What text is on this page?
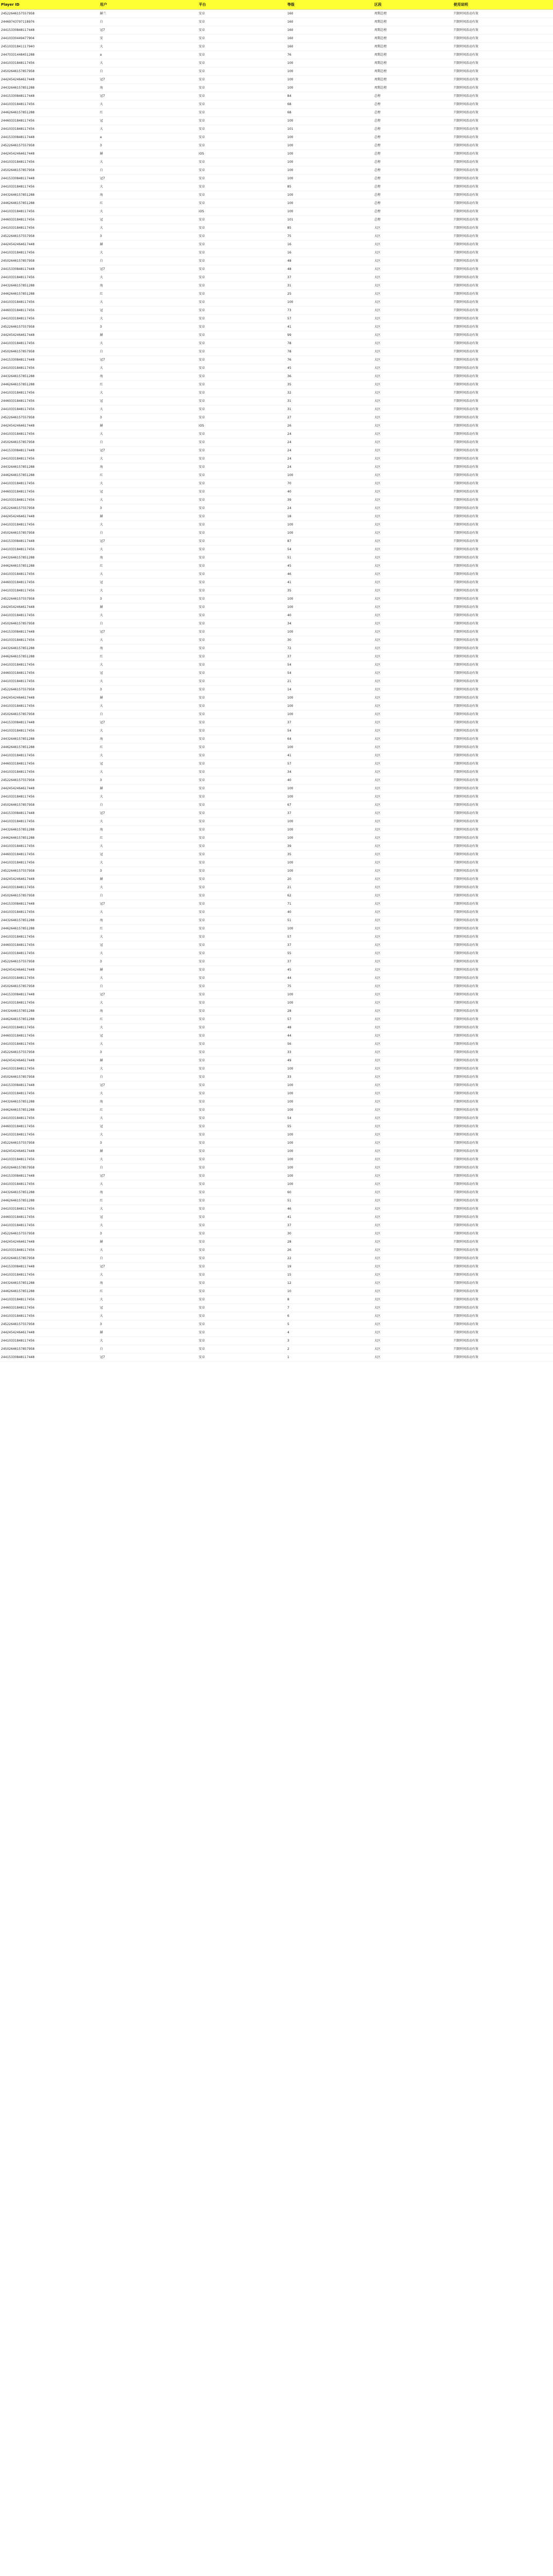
Player ID	用户	平台	等级	区段	使用说明
24522646157557958	赫兰	安卓	160	周期总榜	只限时间活动有效
24469743797118976	白	安卓	160	周期总榜	只限时间活动有效
24415330848117448	冠7	安卓	160	周期总榜	只限时间活动有效
24410330449477904	安	安卓	160	周期总榜	只限时间活动有效
24510331841117940	大	安卓	160	周期总榜	只限时间活动有效
24470331448451288	a	安卓	76	周期总榜	只限时间活动有效
24410331848117456	大	安卓	100	周期总榜	只限时间活动有效
24502646157857958	白	安卓	100	周期总榜	只限时间活动有效
24424542464617448	冠7	安卓	100	周期总榜	只限时间活动有效
24432646157851288	海	安卓	100	周期总榜	只限时间活动有效
24415330848117448	冠7	安卓	84	总榜	只限时间活动有效
24410331848117456	大	安卓	68	总榜	只限时间活动有效
24462646157851288	红	安卓	68	总榜	只限时间活动有效
24460331848117456	冠	安卓	100	总榜	只限时间活动有效
24410331848117456	大	安卓	101	总榜	只限时间活动有效
24415330848117448	a	安卓	100	总榜	只限时间活动有效
24522646157557958	3	安卓	100	总榜	只限时间活动有效
24424542464617448	赫	iOS	100	总榜	只限时间活动有效
24410331848117456	大	安卓	100	总榜	只限时间活动有效
24502646157857958	白	安卓	100	总榜	只限时间活动有效
24415330848117448	冠7	安卓	100	总榜	只限时间活动有效
24410331848117456	大	安卓	85	总榜	只限时间活动有效
24432646157851288	海	安卓	100	总榜	只限时间活动有效
24462646157851288	红	安卓	100	总榜	只限时间活动有效
24410331848117456	大	iOS	100	总榜	只限时间活动有效
24460331848117456	冠	安卓	101	总榜	只限时间活动有效
24410331848117456	大	安卓	85	大区	只限时间活动有效
24522646157557958	3	安卓	75	大区	只限时间活动有效
24424542464617448	赫	安卓	16	大区	只限时间活动有效
24410331848117456	大	安卓	16	大区	只限时间活动有效
24502646157857958	白	安卓	48	大区	只限时间活动有效
24415330848117448	冠7	安卓	48	大区	只限时间活动有效
24410331848117456	大	安卓	37	大区	只限时间活动有效
24432646157851288	海	安卓	31	大区	只限时间活动有效
24462646157851288	红	安卓	25	大区	只限时间活动有效
24410331848117456	大	安卓	100	大区	只限时间活动有效
24460331848117456	冠	安卓	73	大区	只限时间活动有效
24410331848117456	大	安卓	57	大区	只限时间活动有效
24522646157557958	3	安卓	41	大区	只限时间活动有效
24424542464617448	赫	安卓	99	大区	只限时间活动有效
24410331848117456	大	安卓	78	大区	只限时间活动有效
24502646157857958	白	安卓	78	大区	只限时间活动有效
24415330848117448	冠7	安卓	76	大区	只限时间活动有效
24410331848117456	大	安卓	45	大区	只限时间活动有效
24432646157851288	海	安卓	36	大区	只限时间活动有效
24462646157851288	红	安卓	35	大区	只限时间活动有效
24410331848117456	大	安卓	32	大区	只限时间活动有效
24460331848117456	冠	安卓	31	大区	只限时间活动有效
24410331848117456	大	安卓	31	大区	只限时间活动有效
24522646157557958	3	安卓	27	大区	只限时间活动有效
24424542464617448	赫	iOS	26	大区	只限时间活动有效
24410331848117456	大	安卓	24	大区	只限时间活动有效
24502646157857958	白	安卓	24	大区	只限时间活动有效
24415330848117448	冠7	安卓	24	大区	只限时间活动有效
24410331848117456	大	安卓	24	大区	只限时间活动有效
24432646157851288	海	安卓	24	大区	只限时间活动有效
24462646157851288	红	安卓	100	大区	只限时间活动有效
24410331848117456	大	安卓	70	大区	只限时间活动有效
24460331848117456	冠	安卓	40	大区	只限时间活动有效
24410331848117456	大	安卓	39	大区	只限时间活动有效
24522646157557958	3	安卓	24	大区	只限时间活动有效
24424542464617448	赫	安卓	18	大区	只限时间活动有效
24410331848117456	大	安卓	100	大区	只限时间活动有效
24502646157857958	白	安卓	100	大区	只限时间活动有效
24415330848117448	冠7	安卓	87	大区	只限时间活动有效
24410331848117456	大	安卓	54	大区	只限时间活动有效
24432646157851288	海	安卓	51	大区	只限时间活动有效
24462646157851288	红	安卓	45	大区	只限时间活动有效
24410331848117456	大	安卓	46	大区	只限时间活动有效
24460331848117456	冠	安卓	41	大区	只限时间活动有效
24410331848117456	大	安卓	35	大区	只限时间活动有效
24522646157557958	3	安卓	100	大区	只限时间活动有效
24424542464617448	赫	安卓	100	大区	只限时间活动有效
24410331848117456	大	安卓	40	大区	只限时间活动有效
24502646157857958	白	安卓	34	大区	只限时间活动有效
24415330848117448	冠7	安卓	100	大区	只限时间活动有效
24410331848117456	大	安卓	30	大区	只限时间活动有效
24432646157851288	海	安卓	72	大区	只限时间活动有效
24462646157851288	红	安卓	37	大区	只限时间活动有效
24410331848117456	大	安卓	54	大区	只限时间活动有效
24460331848117456	冠	安卓	54	大区	只限时间活动有效
24410331848117456	大	安卓	21	大区	只限时间活动有效
24522646157557958	3	安卓	14	大区	只限时间活动有效
24424542464617448	赫	安卓	100	大区	只限时间活动有效
24410331848117456	大	安卓	100	大区	只限时间活动有效
24502646157857958	白	安卓	100	大区	只限时间活动有效
24415330848117448	冠7	安卓	37	大区	只限时间活动有效
24410331848117456	大	安卓	54	大区	只限时间活动有效
24432646157851288	海	安卓	64	大区	只限时间活动有效
24462646157851288	红	安卓	100	大区	只限时间活动有效
24410331848117456	大	安卓	41	大区	只限时间活动有效
24460331848117456	冠	安卓	57	大区	只限时间活动有效
24410331848117456	大	安卓	34	大区	只限时间活动有效
24522646157557958	3	安卓	40	大区	只限时间活动有效
24424542464617448	赫	安卓	100	大区	只限时间活动有效
24410331848117456	大	安卓	100	大区	只限时间活动有效
24502646157857958	白	安卓	67	大区	只限时间活动有效
24415330848117448	冠7	安卓	37	大区	只限时间活动有效
24410331848117456	大	安卓	100	大区	只限时间活动有效
24432646157851288	海	安卓	100	大区	只限时间活动有效
24462646157851288	红	安卓	100	大区	只限时间活动有效
24410331848117456	大	安卓	39	大区	只限时间活动有效
24460331848117456	冠	安卓	35	大区	只限时间活动有效
24410331848117456	大	安卓	100	大区	只限时间活动有效
24522646157557958	3	安卓	100	大区	只限时间活动有效
24424542464617448	赫	安卓	20	大区	只限时间活动有效
24410331848117456	大	安卓	21	大区	只限时间活动有效
24502646157857958	白	安卓	62	大区	只限时间活动有效
24415330848117448	冠7	安卓	71	大区	只限时间活动有效
24410331848117456	大	安卓	40	大区	只限时间活动有效
24432646157851288	海	安卓	51	大区	只限时间活动有效
24462646157851288	红	安卓	100	大区	只限时间活动有效
24410331848117456	大	安卓	57	大区	只限时间活动有效
24460331848117456	冠	安卓	37	大区	只限时间活动有效
24410331848117456	大	安卓	55	大区	只限时间活动有效
24522646157557958	3	安卓	37	大区	只限时间活动有效
24424542464617448	赫	安卓	45	大区	只限时间活动有效
24410331848117456	大	安卓	44	大区	只限时间活动有效
24502646157857958	白	安卓	75	大区	只限时间活动有效
24415330848117448	冠7	安卓	100	大区	只限时间活动有效
24410331848117456	大	安卓	100	大区	只限时间活动有效
24432646157851288	海	安卓	28	大区	只限时间活动有效
24462646157851288	红	安卓	57	大区	只限时间活动有效
24410331848117456	大	安卓	48	大区	只限时间活动有效
24460331848117456	冠	安卓	44	大区	只限时间活动有效
24410331848117456	大	安卓	56	大区	只限时间活动有效
24522646157557958	3	安卓	33	大区	只限时间活动有效
24424542464617448	赫	安卓	49	大区	只限时间活动有效
24410331848117456	大	安卓	100	大区	只限时间活动有效
24502646157857958	白	安卓	33	大区	只限时间活动有效
24415330848117448	冠7	安卓	100	大区	只限时间活动有效
24410331848117456	大	安卓	100	大区	只限时间活动有效
24432646157851288	海	安卓	100	大区	只限时间活动有效
24462646157851288	红	安卓	100	大区	只限时间活动有效
24410331848117456	大	安卓	54	大区	只限时间活动有效
24460331848117456	冠	安卓	55	大区	只限时间活动有效
24410331848117456	大	安卓	100	大区	只限时间活动有效
24522646157557958	3	安卓	100	大区	只限时间活动有效
24424542464617448	赫	安卓	100	大区	只限时间活动有效
24410331848117456	大	安卓	100	大区	只限时间活动有效
24502646157857958	白	安卓	100	大区	只限时间活动有效
24415330848117448	冠7	安卓	100	大区	只限时间活动有效
24410331848117456	大	安卓	100	大区	只限时间活动有效
24432646157851288	海	安卓	60	大区	只限时间活动有效
24462646157851288	红	安卓	51	大区	只限时间活动有效
24410331848117456	大	安卓	46	大区	只限时间活动有效
24460331848117456	冠	安卓	41	大区	只限时间活动有效
24410331848117456	大	安卓	37	大区	只限时间活动有效
24522646157557958	3	安卓	30	大区	只限时间活动有效
24424542464617448	赫	安卓	28	大区	只限时间活动有效
24410331848117456	大	安卓	26	大区	只限时间活动有效
24502646157857958	白	安卓	22	大区	只限时间活动有效
24415330848117448	冠7	安卓	19	大区	只限时间活动有效
24410331848117456	大	安卓	15	大区	只限时间活动有效
24432646157851288	海	安卓	12	大区	只限时间活动有效
24462646157851288	红	安卓	10	大区	只限时间活动有效
24410331848117456	大	安卓	8	大区	只限时间活动有效
24460331848117456	冠	安卓	7	大区	只限时间活动有效
24410331848117456	大	安卓	6	大区	只限时间活动有效
24522646157557958	3	安卓	5	大区	只限时间活动有效
24424542464617448	赫	安卓	4	大区	只限时间活动有效
24410331848117456	大	安卓	3	大区	只限时间活动有效
24502646157857958	白	安卓	2	大区	只限时间活动有效
24415330848117448	冠7	安卓	1	大区	只限时间活动有效
